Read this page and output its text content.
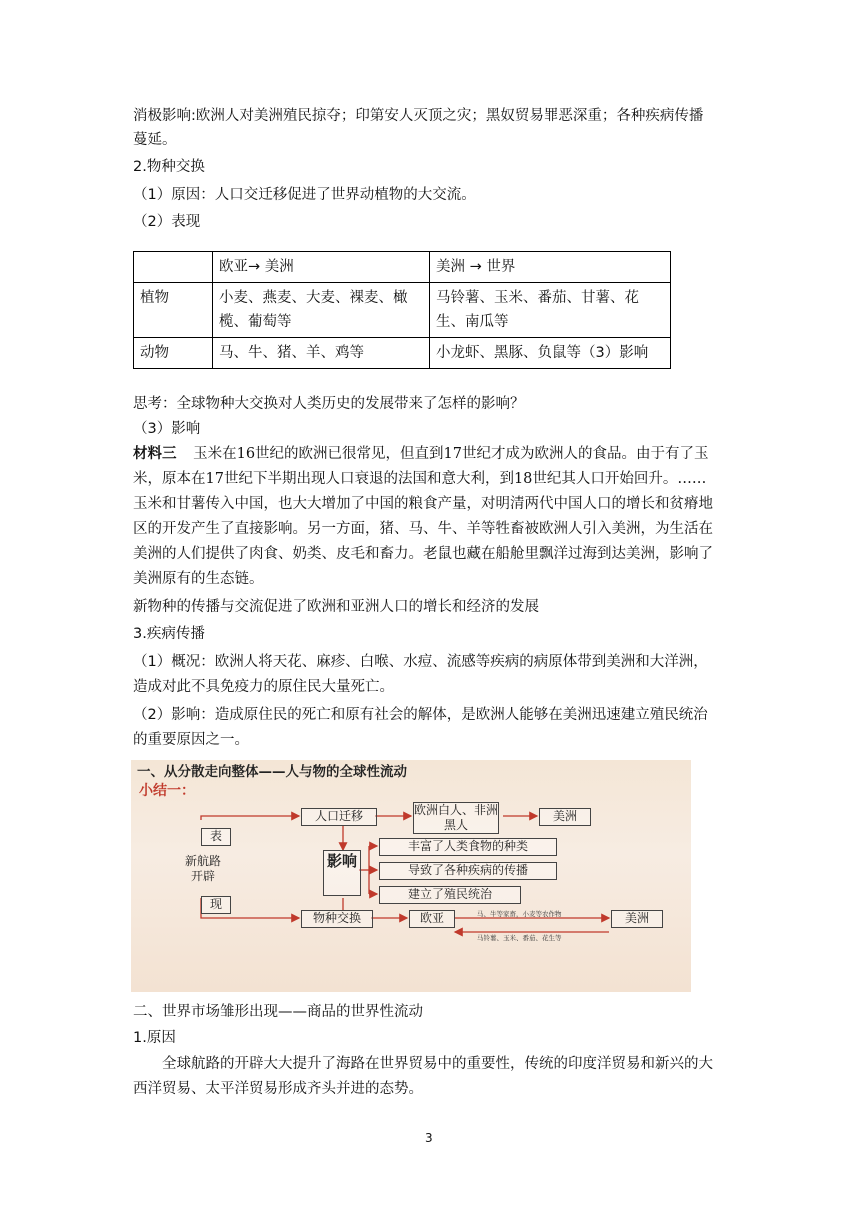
消极影响:欧洲人对美洲殖民掠夺；印第安人灭顶之灾；黑奴贸易罪恶深重；各种疾病传播
蔓延。
2.物种交换
（1）原因：人口交迁移促进了世界动植物的大交流。
（2）表现
	欧亚→ 美洲	美洲 → 世界
植物	小麦、燕麦、大麦、裸麦、橄榄、葡萄等	马铃薯、玉米、番茄、甘薯、花生、南瓜等
动物	马、牛、猪、羊、鸡等	小龙虾、黑豚、负鼠等（3）影响
思考：全球物种大交换对人类历史的发展带来了怎样的影响？
（3）影响
材料三 玉米在16世纪的欧洲已很常见，但直到17世纪才成为欧洲人的食品。由于有了玉
米，原本在17世纪下半期出现人口衰退的法国和意大利，到18世纪其人口开始回升。……
玉米和甘薯传入中国，也大大增加了中国的粮食产量，对明清两代中国人口的增长和贫瘠地
区的开发产生了直接影响。另一方面，猪、马、牛、羊等牲畜被欧洲人引入美洲，为生活在
美洲的人们提供了肉食、奶类、皮毛和畜力。老鼠也藏在船舱里飘洋过海到达美洲，影响了
美洲原有的生态链。
新物种的传播与交流促进了欧洲和亚洲人口的增长和经济的发展
3.疾病传播
（1）概况：欧洲人将天花、麻疹、白喉、水痘、流感等疾病的病原体带到美洲和大洋洲，
造成对此不具免疫力的原住民大量死亡。
（2）影响：造成原住民的死亡和原有社会的解体，是欧洲人能够在美洲迅速建立殖民统治
的重要原因之一。
一、从分散走向整体——人与物的全球性流动
小结一：
表
新航路开辟
现
人口迁移	欧洲白人、非洲黑人
美洲
影响
丰富了人类食物的种类
导致了各种疾病的传播
建立了殖民统治
物种交换	欧亚	美洲
马、牛等家畜，小麦等农作物
马铃薯、玉米、番茄、花生等
二、世界市场雏形出现——商品的世界性流动
1.原因
全球航路的开辟大大提升了海路在世界贸易中的重要性，传统的印度洋贸易和新兴的大
西洋贸易、太平洋贸易形成齐头并进的态势。
3
